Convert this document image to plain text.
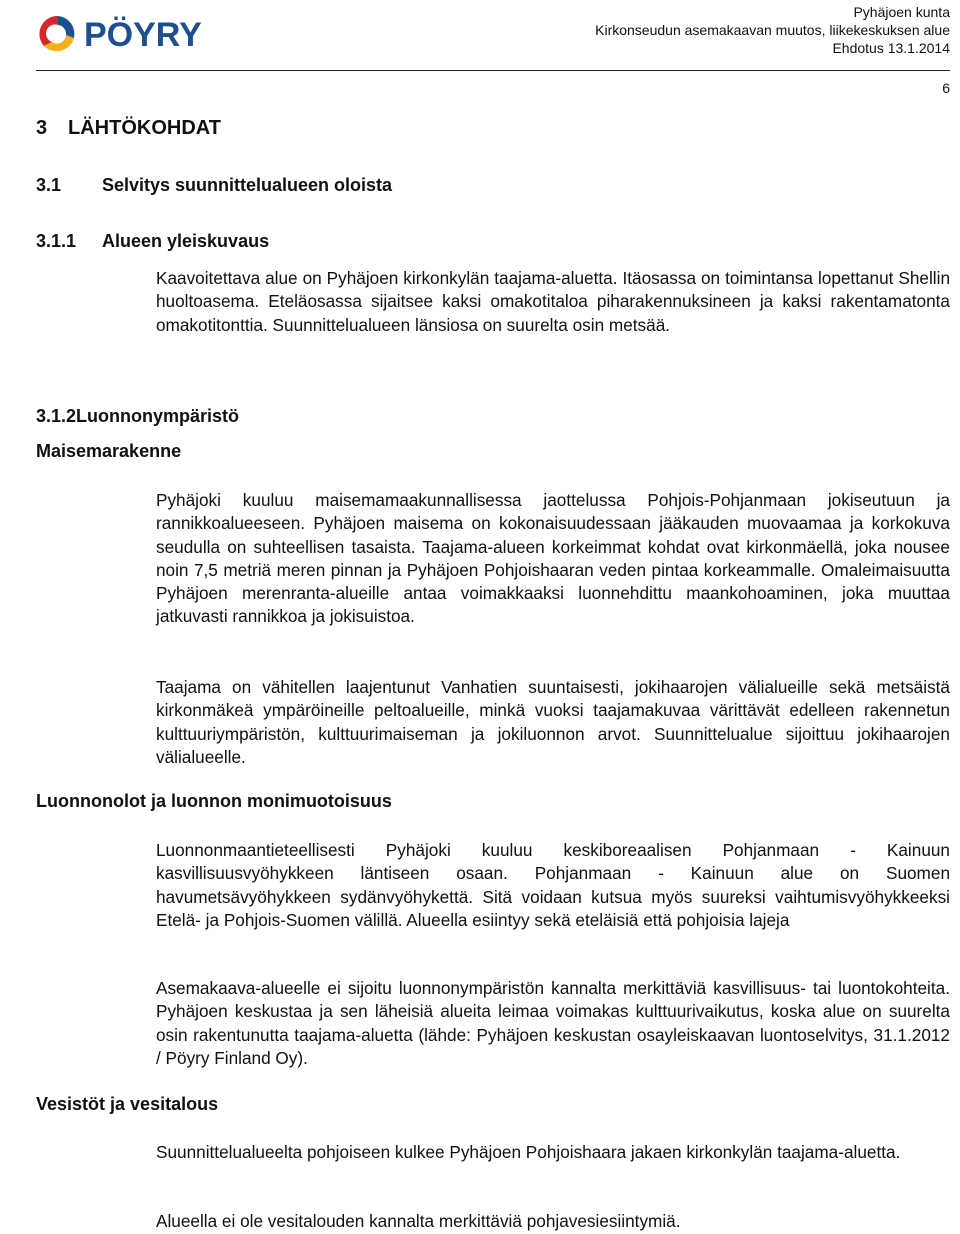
PÖYRY
Pyhäjoen kunta
Kirkonseudun asemakaavan muutos, liikekeskuksen alue
Ehdotus 13.1.2014
6
3 LÄHTÖKOHDAT
3.1 Selvitys suunnittelualueen oloista
3.1.1 Alueen yleiskuvaus
Kaavoitettava alue on Pyhäjoen kirkonkylän taajama-aluetta. Itäosassa on toimintansa lopettanut Shellin huoltoasema. Eteläosassa sijaitsee kaksi omakotitaloa piharakennuksineen ja kaksi rakentamatonta omakotitonttia. Suunnittelualueen länsiosa on suurelta osin metsää.
3.1.2Luonnonympäristö
Maisemarakenne
Pyhäjoki kuuluu maisemamaakunnallisessa jaottelussa Pohjois-Pohjanmaan jokiseutuun ja rannikkoalueeseen. Pyhäjoen maisema on kokonaisuudessaan jääkauden muovaamaa ja korkokuva seudulla on suhteellisen tasaista. Taajama-alueen korkeimmat kohdat ovat kirkonmäellä, joka nousee noin 7,5 metriä meren pinnan ja Pyhäjoen Pohjoishaaran veden pintaa korkeammalle. Omaleimaisuutta Pyhäjoen merenranta-alueille antaa voimakkaaksi luonnehdittu maankohoaminen, joka muuttaa jatkuvasti rannikkoa ja jokisuistoa.
Taajama on vähitellen laajentunut Vanhatien suuntaisesti, jokihaarojen välialueille sekä metsäistä kirkonmäkeä ympäröineille peltoalueille, minkä vuoksi taajamakuvaa värittävät edelleen rakennetun kulttuuriympäristön, kulttuurimaiseman ja jokiluonnon arvot. Suunnittelualue sijoittuu jokihaarojen välialueelle.
Luonnonolot ja luonnon monimuotoisuus
Luonnonmaantieteellisesti Pyhäjoki kuuluu keskiboreaalisen Pohjanmaan - Kainuun kasvillisuusvyöhykkeen läntiseen osaan. Pohjanmaan - Kainuun alue on Suomen havumetsävyöhykkeen sydänvyöhykettä. Sitä voidaan kutsua myös suureksi vaihtumisvyöhykkeeksi Etelä- ja Pohjois-Suomen välillä. Alueella esiintyy sekä eteläisiä että pohjoisia lajeja
Asemakaava-alueelle ei sijoitu luonnonympäristön kannalta merkittäviä kasvillisuus- tai luontokohteita. Pyhäjoen keskustaa ja sen läheisiä alueita leimaa voimakas kulttuurivaikutus, koska alue on suurelta osin rakentunutta taajama-aluetta (lähde: Pyhäjoen keskustan osayleiskaavan luontoselvitys, 31.1.2012 / Pöyry Finland Oy).
Vesistöt ja vesitalous
Suunnittelualueelta pohjoiseen kulkee Pyhäjoen Pohjoishaara jakaen kirkonkylän taajama-aluetta.
Alueella ei ole vesitalouden kannalta merkittäviä pohjavesiesiintymiä.
